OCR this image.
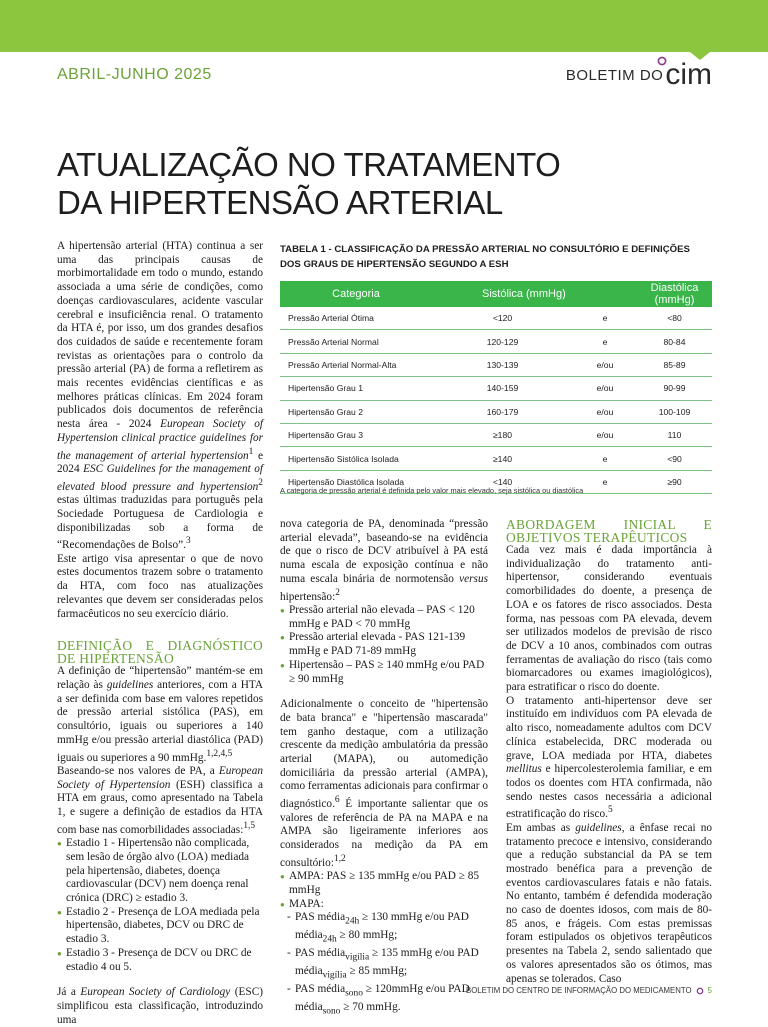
ABRIL-JUNHO 2025	BOLETIM DO cim
ATUALIZAÇÃO NO TRATAMENTO
DA HIPERTENSÃO ARTERIAL

A hipertensão arterial (HTA) continua a ser uma das principais causas de morbimortalidade em todo o mundo, estando associada a uma série de condições, como doenças cardiovasculares, acidente vascular cerebral e insuficiência renal. O tratamento da HTA é, por isso, um dos grandes desafios dos cuidados de saúde e recentemente foram revistas as orientações para o controlo da pressão arterial (PA) de forma a refletirem as mais recentes evidências científicas e as melhores práticas clínicas. Em 2024 foram publicados dois documentos de referência nesta área - 2024 European Society of Hypertension clinical practice guidelines for the management of arterial hypertension$^1$ e 2024 ESC Guidelines for the management of elevated blood pressure and hypertension$^2$ estas últimas traduzidas para português pela Sociedade Portuguesa de Cardiologia e disponibilizadas sob a forma de “Recomendações de Bolso”.$^3$

Este artigo visa apresentar o que de novo estes documentos trazem sobre o tratamento da HTA, com foco nas atualizações relevantes que devem ser consideradas pelos farmacêuticos no seu exercício diário.

DEFINIÇÃO E DIAGNÓSTICO DE HIPERTENSÃO

A definição de “hipertensão” mantém-se em relação às guidelines anteriores, com a HTA a ser definida com base em valores repetidos de pressão arterial sistólica (PAS), em consultório, iguais ou superiores a 140 mmHg e/ou pressão arterial diastólica (PAD) iguais ou superiores a 90 mmHg.$^{1,2,4,5}$

Baseando-se nos valores de PA, a European Society of Hypertension (ESH) classifica a HTA em graus, como apresentado na Tabela 1, e sugere a definição de estadios da HTA com base nas comorbilidades associadas:$^{1,5}$

● Estadio 1 - Hipertensão não complicada, sem lesão de órgão alvo (LOA) mediada pela hipertensão, diabetes, doença cardiovascular (DCV) nem doença renal crónica (DRC) ≥ estadio 3.
● Estadio 2 - Presença de LOA mediada pela hipertensão, diabetes, DCV ou DRC de estadio 3.
● Estadio 3 - Presença de DCV ou DRC de estadio 4 ou 5.

Já a European Society of Cardiology (ESC) simplificou esta classificação, introduzindo uma

TABELA 1 - CLASSIFICAÇÃO DA PRESSÃO ARTERIAL NO CONSULTÓRIO E DEFINIÇÕES DOS GRAUS DE HIPERTENSÃO SEGUNDO A ESH
Categoria	Sistólica (mmHg)		Diastólica (mmHg)
Pressão Arterial Ótima	<120	e	<80
Pressão Arterial Normal	120-129	e	80-84
Pressão Arterial Normal-Alta	130-139	e/ou	85-89
Hipertensão Grau 1	140-159	e/ou	90-99
Hipertensão Grau 2	160-179	e/ou	100-109
Hipertensão Grau 3	≥180	e/ou	110
Hipertensão Sistólica Isolada	≥140	e	<90
Hipertensão Diastólica Isolada	<140	e	≥90
A categoria de pressão arterial é definida pelo valor mais elevado, seja sistólica ou diastólica

nova categoria de PA, denominada “pressão arterial elevada”, baseando-se na evidência de que o risco de DCV atribuível à PA está numa escala de exposição contínua e não numa escala binária de normotensão versus hipertensão:$^2$

● Pressão arterial não elevada – PAS < 120 mmHg e PAD < 70 mmHg
● Pressão arterial elevada - PAS 121-139 mmHg e PAD 71-89 mmHg
● Hipertensão – PAS ≥ 140 mmHg e/ou PAD ≥ 90 mmHg

Adicionalmente o conceito de "hipertensão de bata branca" e "hipertensão mascarada" tem ganho destaque, com a utilização crescente da medição ambulatória da pressão arterial (MAPA), ou automedição domiciliária da pressão arterial (AMPA), como ferramentas adicionais para confirmar o diagnóstico.$^6$ É importante salientar que os valores de referência de PA na MAPA e na AMPA são ligeiramente inferiores aos considerados na medição da PA em consultório:$^{1,2}$

● AMPA: PAS ≥ 135 mmHg e/ou PAD ≥ 85 mmHg
● MAPA:
- PAS média$_{24h}$ ≥ 130 mmHg e/ou PAD média$_{24h}$ ≥ 80 mmHg;
- PAS média$_{vigília}$ ≥ 135 mmHg e/ou PAD média$_{vigília}$ ≥ 85 mmHg;
- PAS média$_{sono}$ ≥ 120mmHg e/ou PAD média$_{sono}$ ≥ 70 mmHg.
ABORDAGEM INICIAL E OBJETIVOS TERAPÊUTICOS

Cada vez mais é dada importância à individualização do tratamento anti-hipertensor, considerando eventuais comorbilidades do doente, a presença de LOA e os fatores de risco associados. Desta forma, nas pessoas com PA elevada, devem ser utilizados modelos de previsão de risco de DCV a 10 anos, combinados com outras ferramentas de avaliação do risco (tais como biomarcadores ou exames imagiológicos), para estratificar o risco do doente.

O tratamento anti-hipertensor deve ser instituído em indivíduos com PA elevada de alto risco, nomeadamente adultos com DCV clínica estabelecida, DRC moderada ou grave, LOA mediada por HTA, diabetes mellitus e hipercolesterolemia familiar, e em todos os doentes com HTA confirmada, não sendo nestes casos necessária a adicional estratificação do risco.$^5$

Em ambas as guidelines, a ênfase recai no tratamento precoce e intensivo, considerando que a redução substancial da PA se tem mostrado benéfica para a prevenção de eventos cardiovasculares fatais e não fatais. No entanto, também é defendida moderação no caso de doentes idosos, com mais de 80-85 anos, e frágeis. Com estas premissas foram estipulados os objetivos terapêuticos presentes na Tabela 2, sendo salientado que os valores apresentados são os ótimos, mas apenas se tolerados. Caso

BOLETIM DO CENTRO DE INFORMAÇÃO DO MEDICAMENTO 5
